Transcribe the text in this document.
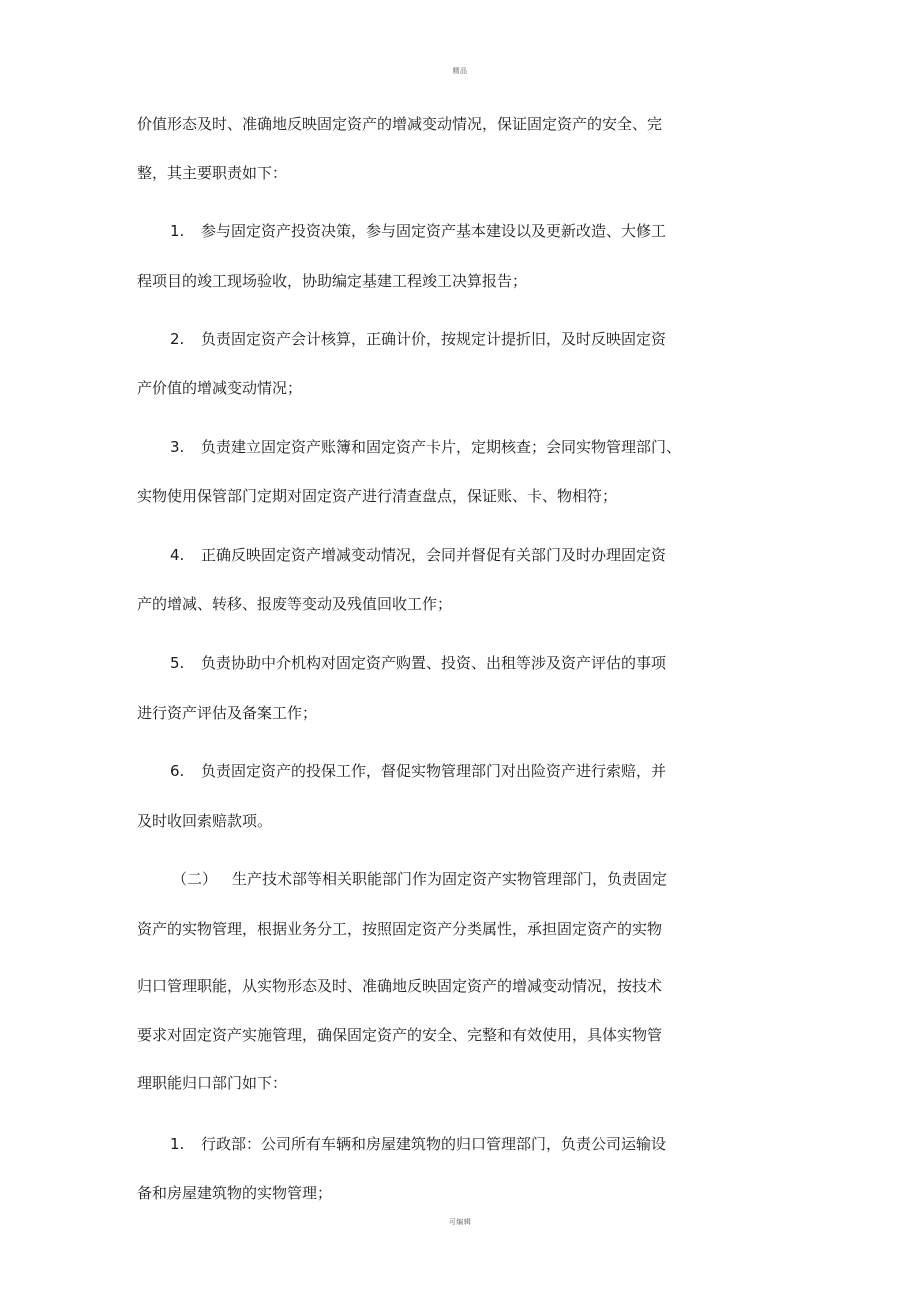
精品
价值形态及时、准确地反映固定资产的增减变动情况，保证固定资产的安全、完
整，其主要职责如下：
1. 参与固定资产投资决策，参与固定资产基本建设以及更新改造、大修工
程项目的竣工现场验收，协助编定基建工程竣工决算报告；
2. 负责固定资产会计核算，正确计价，按规定计提折旧，及时反映固定资
产价值的增减变动情况；
3. 负责建立固定资产账簿和固定资产卡片，定期核查；会同实物管理部门、
实物使用保管部门定期对固定资产进行清查盘点，保证账、卡、物相符；
4. 正确反映固定资产增减变动情况，会同并督促有关部门及时办理固定资
产的增减、转移、报废等变动及残值回收工作；
5. 负责协助中介机构对固定资产购置、投资、出租等涉及资产评估的事项
进行资产评估及备案工作；
6. 负责固定资产的投保工作，督促实物管理部门对出险资产进行索赔，并
及时收回索赔款项。
（二） 生产技术部等相关职能部门作为固定资产实物管理部门，负责固定
资产的实物管理，根据业务分工，按照固定资产分类属性，承担固定资产的实物
归口管理职能，从实物形态及时、准确地反映固定资产的增减变动情况，按技术
要求对固定资产实施管理，确保固定资产的安全、完整和有效使用，具体实物管
理职能归口部门如下：
1. 行政部：公司所有车辆和房屋建筑物的归口管理部门，负责公司运输设
备和房屋建筑物的实物管理；
可编辑
